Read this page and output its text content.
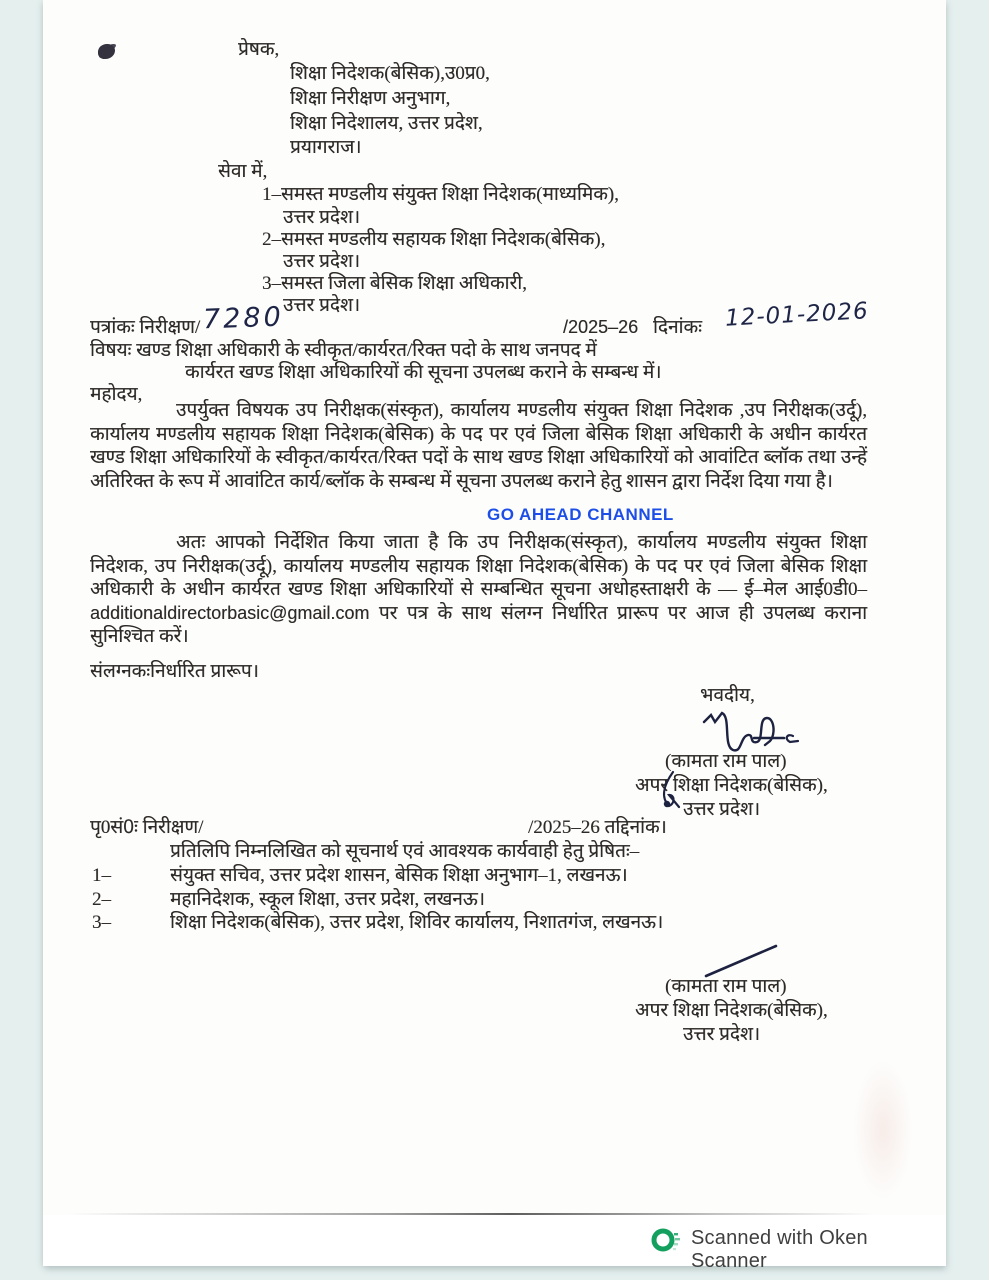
प्रेषक,
शिक्षा निदेशक(बेसिक),उ0प्र0,
शिक्षा निरीक्षण अनुभाग,
शिक्षा निदेशालय, उत्तर प्रदेश,
प्रयागराज।
सेवा में,
1–समस्त मण्डलीय संयुक्त शिक्षा निदेशक(माध्यमिक),
उत्तर प्रदेश।
2–समस्त मण्डलीय सहायक शिक्षा निदेशक(बेसिक),
उत्तर प्रदेश।
3–समस्त जिला बेसिक शिक्षा अधिकारी,
उत्तर प्रदेश।
पत्रांकः निरीक्षण/ 7280	/2025–26 दिनांकः 12-01-2026
विषयः खण्ड शिक्षा अधिकारी के स्वीकृत/कार्यरत/रिक्त पदो के साथ जनपद में
कार्यरत खण्ड शिक्षा अधिकारियों की सूचना उपलब्ध कराने के सम्बन्ध में।
महोदय,
उपर्युक्त विषयक उप निरीक्षक(संस्कृत), कार्यालय मण्डलीय संयुक्त शिक्षा निदेशक ,उप निरीक्षक(उर्दू), कार्यालय मण्डलीय सहायक शिक्षा निदेशक(बेसिक) के पद पर एवं जिला बेसिक शिक्षा अधिकारी के अधीन कार्यरत खण्ड शिक्षा अधिकारियों के स्वीकृत/कार्यरत/रिक्त पदों के साथ खण्ड शिक्षा अधिकारियों को आवांटित ब्लॉक तथा उन्हें अतिरिक्त के रूप में आवांटित कार्य/ब्लॉक के सम्बन्ध में सूचना उपलब्ध कराने हेतु शासन द्वारा निर्देश दिया गया है।
GO AHEAD CHANNEL
अतः आपको निर्देशित किया जाता है कि उप निरीक्षक(संस्कृत), कार्यालय मण्डलीय संयुक्त शिक्षा निदेशक, उप निरीक्षक(उर्दू), कार्यालय मण्डलीय सहायक शिक्षा निदेशक(बेसिक) के पद पर एवं जिला बेसिक शिक्षा अधिकारी के अधीन कार्यरत खण्ड शिक्षा अधिकारियों से सम्बन्धित सूचना अधोहस्ताक्षरी के — ई–मेल आई0डी0–additionaldirectorbasic@gmail.com पर पत्र के साथ संलग्न निर्धारित प्रारूप पर आज ही उपलब्ध कराना सुनिश्चित करें।
संलग्नकःनिर्धारित प्रारूप।
भवदीय,
(कामता राम पाल)
अपर शिक्षा निदेशक(बेसिक),
उत्तर प्रदेश।
पृ0सं0ः निरीक्षण/	/2025–26 तद्दिनांक।
प्रतिलिपि निम्नलिखित को सूचनार्थ एवं आवश्यक कार्यवाही हेतु प्रेषितः–
1–	संयुक्त सचिव, उत्तर प्रदेश शासन, बेसिक शिक्षा अनुभाग–1, लखनऊ।
2–	महानिदेशक, स्कूल शिक्षा, उत्तर प्रदेश, लखनऊ।
3–	शिक्षा निदेशक(बेसिक), उत्तर प्रदेश, शिविर कार्यालय, निशातगंज, लखनऊ।
(कामता राम पाल)
अपर शिक्षा निदेशक(बेसिक),
उत्तर प्रदेश।
Scanned with Oken Scanner
